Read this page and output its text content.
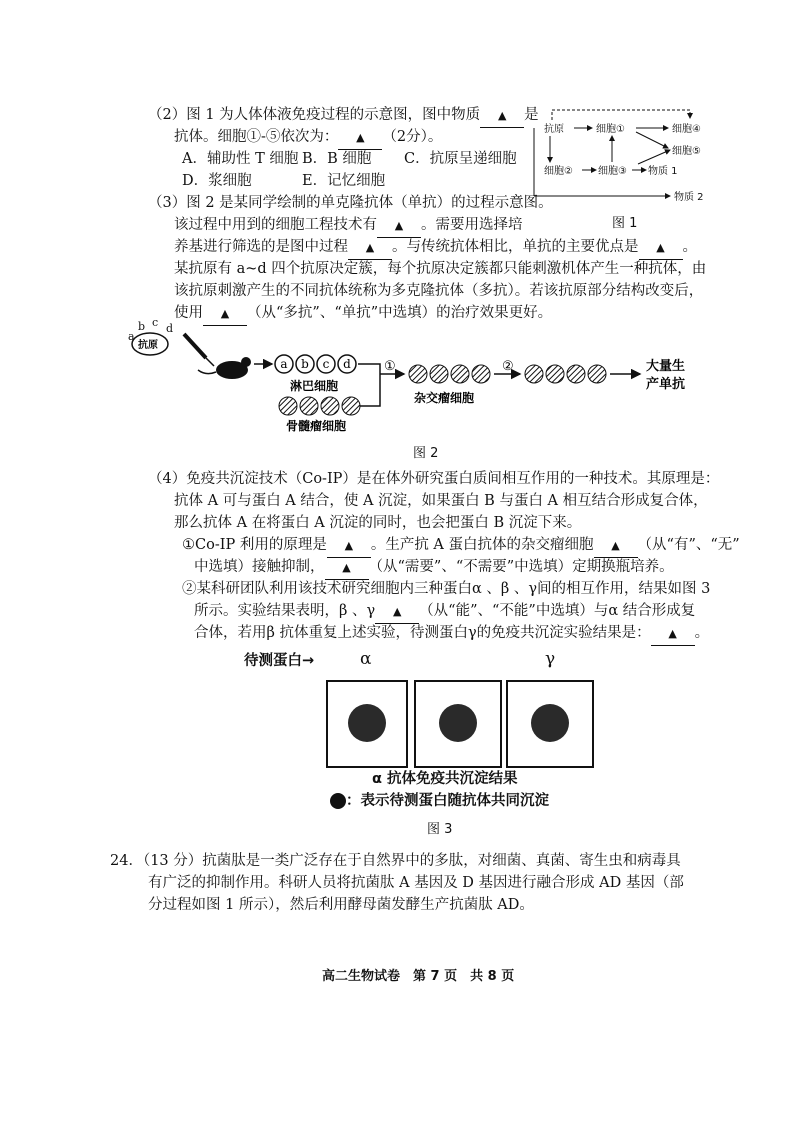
（2）图 1 为人体体液免疫过程的示意图，图中物质 ▲ 是
抗体。细胞①-⑤依次为： ▲ （2分）。
A．辅助性 T 细胞 B．B 细胞 C．抗原呈递细胞
D．浆细胞	E．记忆细胞
抗原	细胞①	细胞④
细胞⑤
细胞②	细胞③ 物质 1
物质 2
图 1
（3）图 2 是某同学绘制的单克隆抗体（单抗）的过程示意图。
该过程中用到的细胞工程技术有 ▲ 。需要用选择培
养基进行筛选的是图中过程 ▲ 。与传统抗体相比，单抗的主要优点是 ▲ 。
某抗原有 a~d 四个抗原决定簇，每个抗原决定簇都只能刺激机体产生一种抗体，由
该抗原刺激产生的不同抗体统称为多克隆抗体（多抗）。若该抗原部分结构改变后，
使用 ▲ （从“多抗”、“单抗”中选填）的治疗效果更好。
a
b c d
抗原
a b c d
淋巴细胞
骨髓瘤细胞
①
杂交瘤细胞
②	大量生
产单抗
图 2
（4）免疫共沉淀技术（Co-IP）是在体外研究蛋白质间相互作用的一种技术。其原理是：
抗体 A 可与蛋白 A 结合，使 A 沉淀，如果蛋白 B 与蛋白 A 相互结合形成复合体，
那么抗体 A 在将蛋白 A 沉淀的同时，也会把蛋白 B 沉淀下来。
①Co-IP 利用的原理是 ▲ 。生产抗 A 蛋白抗体的杂交瘤细胞 ▲ （从“有”、“无”
中选填）接触抑制， ▲ （从“需要”、“不需要”中选填）定期换瓶培养。
②某科研团队利用该技术研究细胞内三种蛋白α 、β 、γ间的相互作用，结果如图 3
所示。实验结果表明，β 、γ ▲ （从“能”、“不能”中选填）与α 结合形成复
合体，若用β 抗体重复上述实验，待测蛋白γ的免疫共沉淀实验结果是： ▲ 。
待测蛋白→	α	γ
α 抗体免疫共沉淀结果
：表示待测蛋白随抗体共同沉淀
图 3
24．（13 分）抗菌肽是一类广泛存在于自然界中的多肽，对细菌、真菌、寄生虫和病毒具
有广泛的抑制作用。科研人员将抗菌肽 A 基因及 D 基因进行融合形成 AD 基因（部
分过程如图 1 所示），然后利用酵母菌发酵生产抗菌肽 AD。
高二生物试卷　第 7 页　共 8 页
